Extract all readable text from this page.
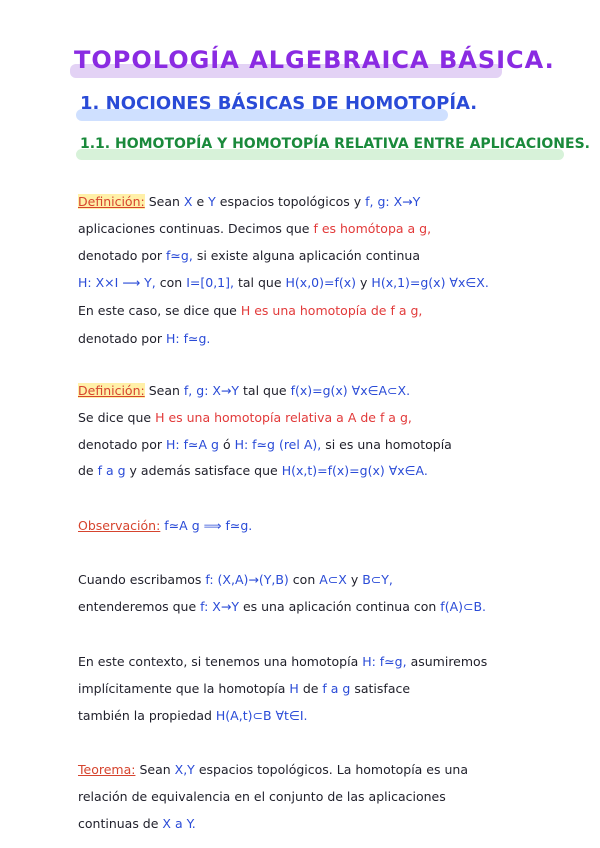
TOPOLOGÍA ALGEBRAICA BÁSICA.
1. NOCIONES BÁSICAS DE HOMOTOPÍA.
1.1. HOMOTOPÍA Y HOMOTOPÍA RELATIVA ENTRE APLICACIONES.
Definición: Sean X e Y espacios topológicos y f, g: X→Y
aplicaciones continuas. Decimos que f es homótopa a g,
denotado por f≃g, si existe alguna aplicación continua
H: X×I ⟶ Y, con I=[0,1], tal que H(x,0)=f(x) y H(x,1)=g(x) ∀x∈X.
En este caso, se dice que H es una homotopía de f a g,
denotado por H: f≃g.
Definición: Sean f, g: X→Y tal que f(x)=g(x) ∀x∈A⊂X.
Se dice que H es una homotopía relativa a A de f a g,
denotado por H: f≃A g ó H: f≃g (rel A), si es una homotopía
de f a g y además satisface que H(x,t)=f(x)=g(x) ∀x∈A.
Observación: f≃A g ⟹ f≃g.
Cuando escribamos f: (X,A)→(Y,B) con A⊂X y B⊂Y,
entenderemos que f: X→Y es una aplicación continua con f(A)⊂B.
En este contexto, si tenemos una homotopía H: f≃g, asumiremos
implícitamente que la homotopía H de f a g satisface
también la propiedad H(A,t)⊂B ∀t∈I.
Teorema: Sean X,Y espacios topológicos. La homotopía es una
relación de equivalencia en el conjunto de las aplicaciones
continuas de X a Y.
